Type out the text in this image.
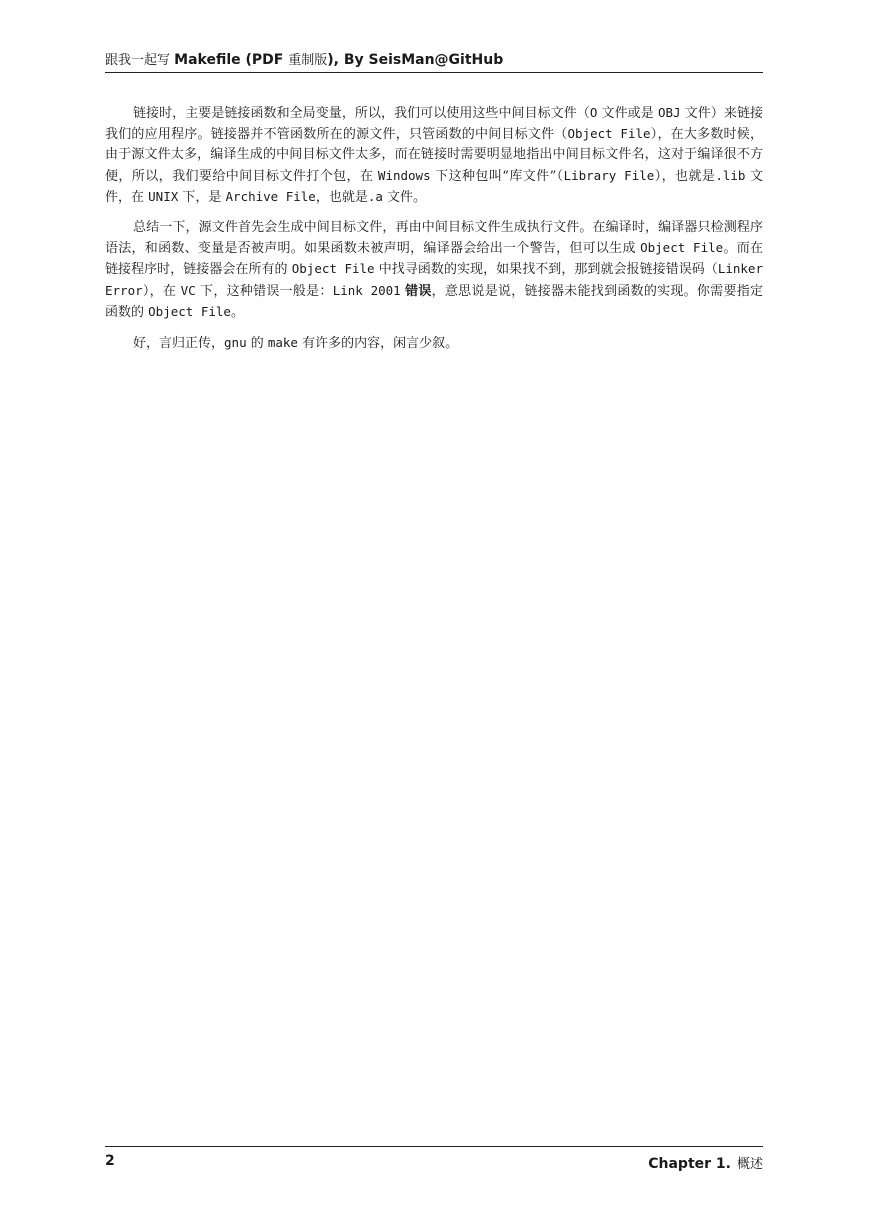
跟我一起写 Makefile (PDF 重制版), By SeisMan@GitHub

链接时，主要是链接函数和全局变量，所以，我们可以使用这些中间目标文件（O 文件或是 OBJ 文件）来链接我们的应用程序。链接器并不管函数所在的源文件，只管函数的中间目标文件（Object File），在大多数时候，由于源文件太多，编译生成的中间目标文件太多，而在链接时需要明显地指出中间目标文件名，这对于编译很不方便，所以，我们要给中间目标文件打个包，在 Windows 下这种包叫“库文件”（Library File），也就是.lib 文件，在 UNIX 下，是 Archive File，也就是.a 文件。

总结一下，源文件首先会生成中间目标文件，再由中间目标文件生成执行文件。在编译时，编译器只检测程序语法，和函数、变量是否被声明。如果函数未被声明，编译器会给出一个警告，但可以生成 Object File。而在链接程序时，链接器会在所有的 Object File 中找寻函数的实现，如果找不到，那到就会报链接错误码（Linker Error），在 VC 下，这种错误一般是：Link 2001 错误，意思说是说，链接器未能找到函数的实现。你需要指定函数的 Object File。

好，言归正传，gnu 的 make 有许多的内容，闲言少叙。

2	Chapter 1. 概述
